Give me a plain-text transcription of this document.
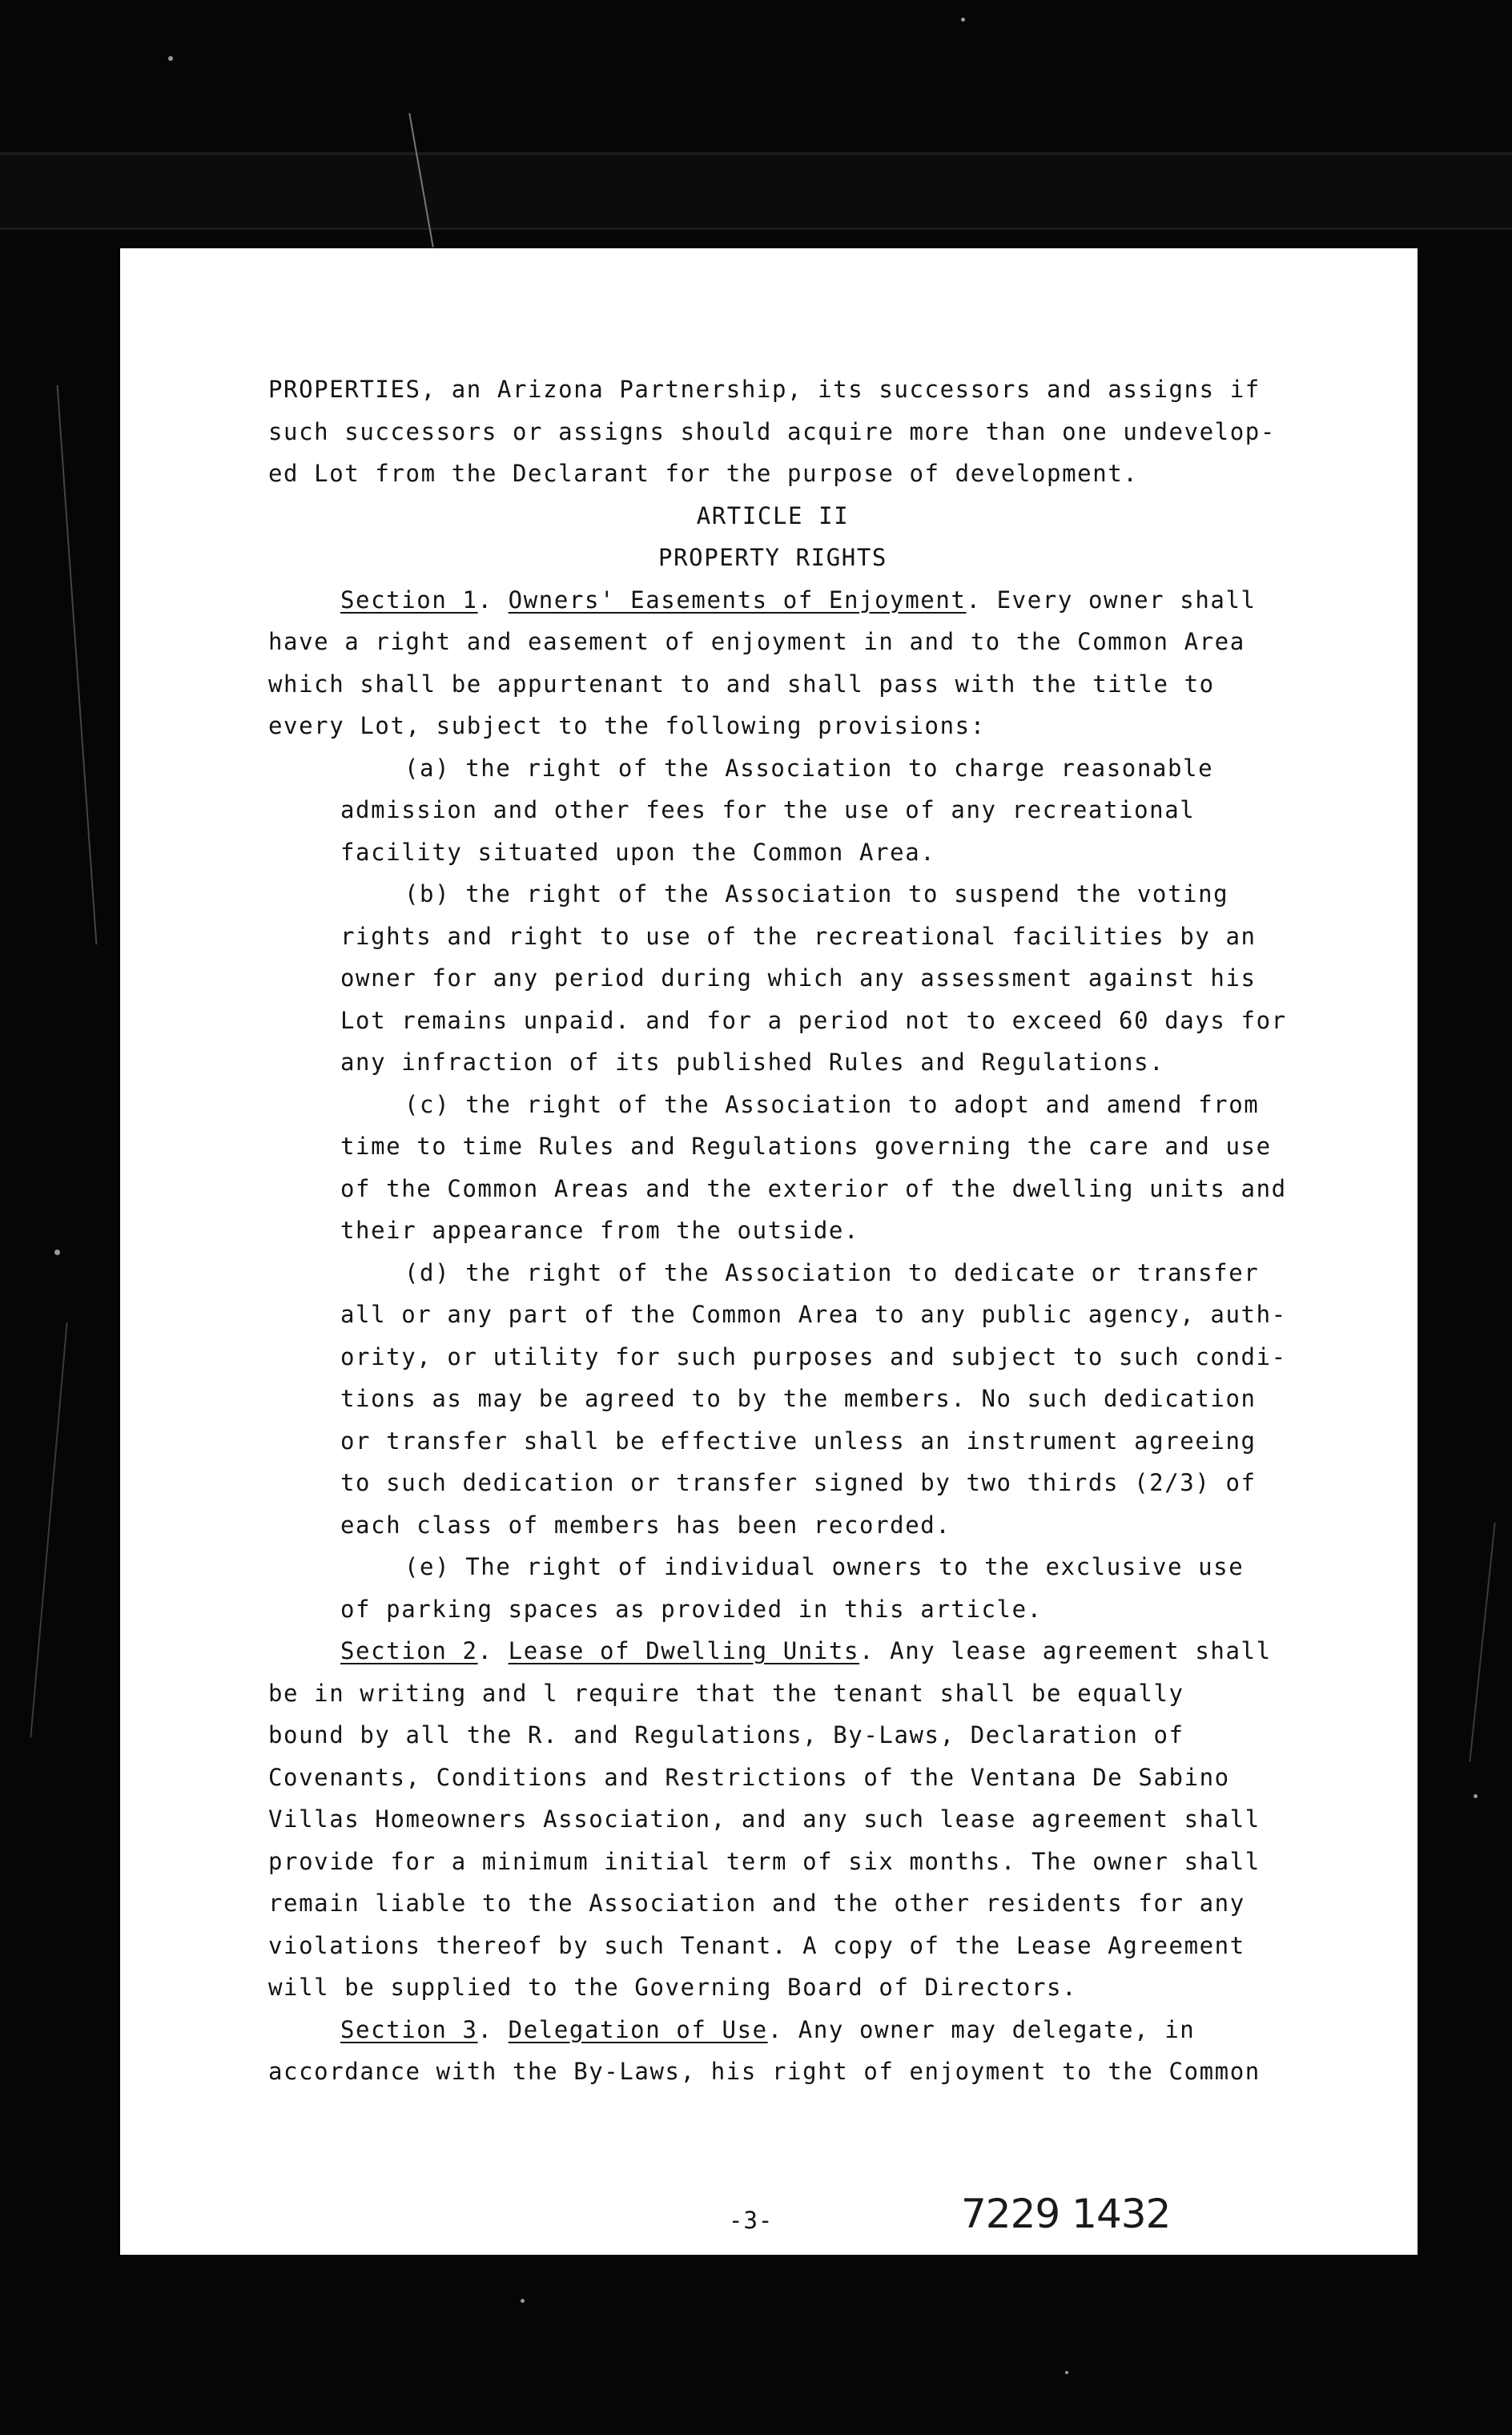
PROPERTIES, an Arizona Partnership, its successors and assigns if
such successors or assigns should acquire more than one undevelop-
ed Lot from the Declarant for the purpose of development.
ARTICLE II
PROPERTY RIGHTS
Section 1. Owners' Easements of Enjoyment. Every owner shall
have a right and easement of enjoyment in and to the Common Area
which shall be appurtenant to and shall pass with the title to
every Lot, subject to the following provisions:
(a) the right of the Association to charge reasonable
admission and other fees for the use of any recreational
facility situated upon the Common Area.
(b) the right of the Association to suspend the voting
rights and right to use of the recreational facilities by an
owner for any period during which any assessment against his
Lot remains unpaid. and for a period not to exceed 60 days for
any infraction of its published Rules and Regulations.
(c) the right of the Association to adopt and amend from
time to time Rules and Regulations governing the care and use
of the Common Areas and the exterior of the dwelling units and
their appearance from the outside.
(d) the right of the Association to dedicate or transfer
all or any part of the Common Area to any public agency, auth-
ority, or utility for such purposes and subject to such condi-
tions as may be agreed to by the members. No such dedication
or transfer shall be effective unless an instrument agreeing
to such dedication or transfer signed by two thirds (2/3) of
each class of members has been recorded.
(e) The right of individual owners to the exclusive use
of parking spaces as provided in this article.
Section 2. Lease of Dwelling Units. Any lease agreement shall
be in writing and l require that the tenant shall be equally
bound by all the R. and Regulations, By-Laws, Declaration of
Covenants, Conditions and Restrictions of the Ventana De Sabino
Villas Homeowners Association, and any such lease agreement shall
provide for a minimum initial term of six months. The owner shall
remain liable to the Association and the other residents for any
violations thereof by such Tenant. A copy of the Lease Agreement
will be supplied to the Governing Board of Directors.
Section 3. Delegation of Use. Any owner may delegate, in
accordance with the By-Laws, his right of enjoyment to the Common
-3-	7229 1432
